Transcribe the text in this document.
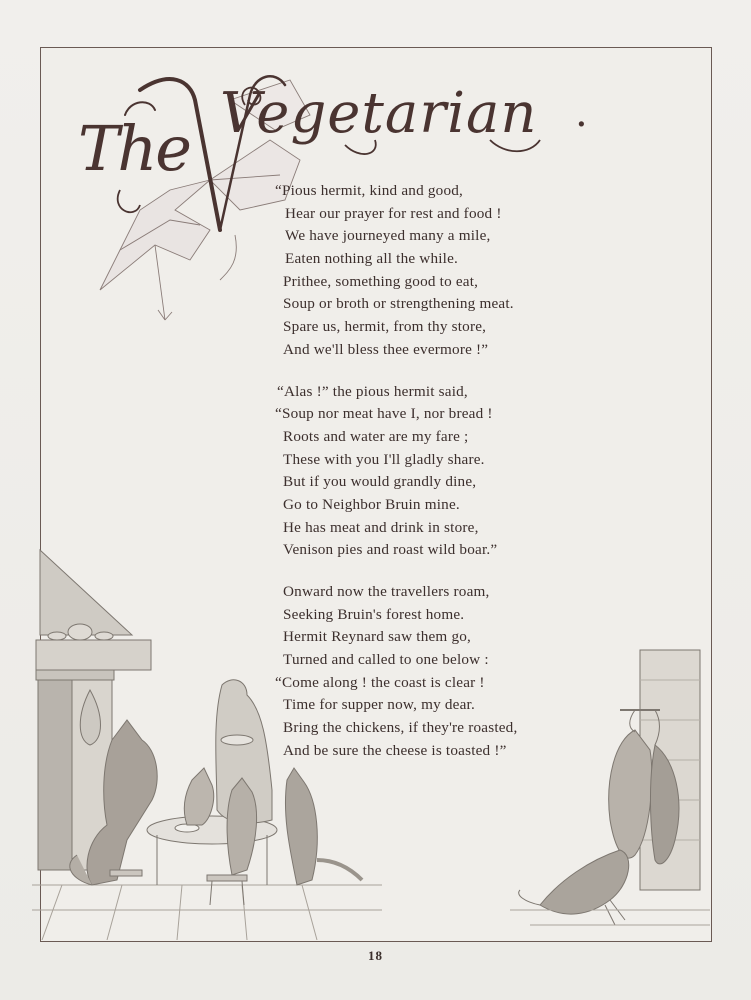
The Vegetarian .
“Pious hermit, kind and good,
Hear our prayer for rest and food !
We have journeyed many a mile,
Eaten nothing all the while.
Prithee, something good to eat,
Soup or broth or strengthening meat.
Spare us, hermit, from thy store,
And we'll bless thee evermore !”
“Alas !” the pious hermit said,
“Soup nor meat have I, nor bread !
Roots and water are my fare ;
These with you I'll gladly share.
But if you would grandly dine,
Go to Neighbor Bruin mine.
He has meat and drink in store,
Venison pies and roast wild boar.”
Onward now the travellers roam,
Seeking Bruin's forest home.
Hermit Reynard saw them go,
Turned and called to one below :
“Come along ! the coast is clear !
Time for supper now, my dear.
Bring the chickens, if they're roasted,
And be sure the cheese is toasted !”
18
